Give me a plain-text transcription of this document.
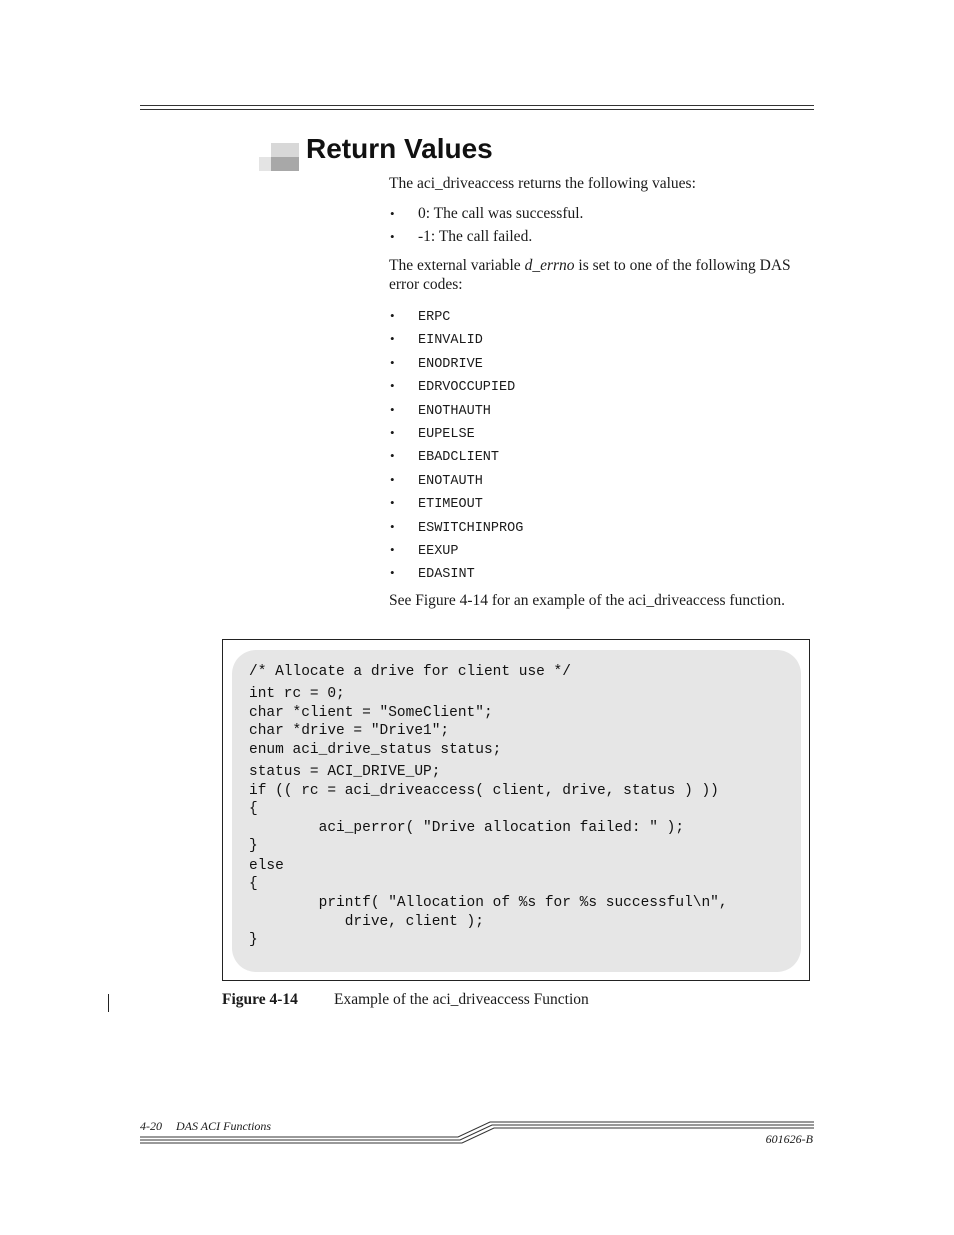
Return Values

The aci_driveaccess returns the following values:

• 0: The call was successful.
• -1: The call failed.

The external variable d_errno is set to one of the following DAS error codes:

• ERPC
• EINVALID
• ENODRIVE
• EDRVOCCUPIED
• ENOTHAUTH
• EUPELSE
• EBADCLIENT
• ENOTAUTH
• ETIMEOUT
• ESWITCHINPROG
• EEXUP
• EDASINT

See Figure 4-14 for an example of the aci_driveaccess function.

/* Allocate a drive for client use */
int rc = 0;
char *client = "SomeClient";
char *drive = "Drive1";
enum aci_drive_status status;
status = ACI_DRIVE_UP;
if (( rc = aci_driveaccess( client, drive, status ) ))
{
aci_perror( "Drive allocation failed: " );
}
else
{
printf( "Allocation of %s for %s successful\n",
drive, client );
}
Figure 4-14 Example of the aci_driveaccess Function
4-20 DAS ACI Functions
601626-B
